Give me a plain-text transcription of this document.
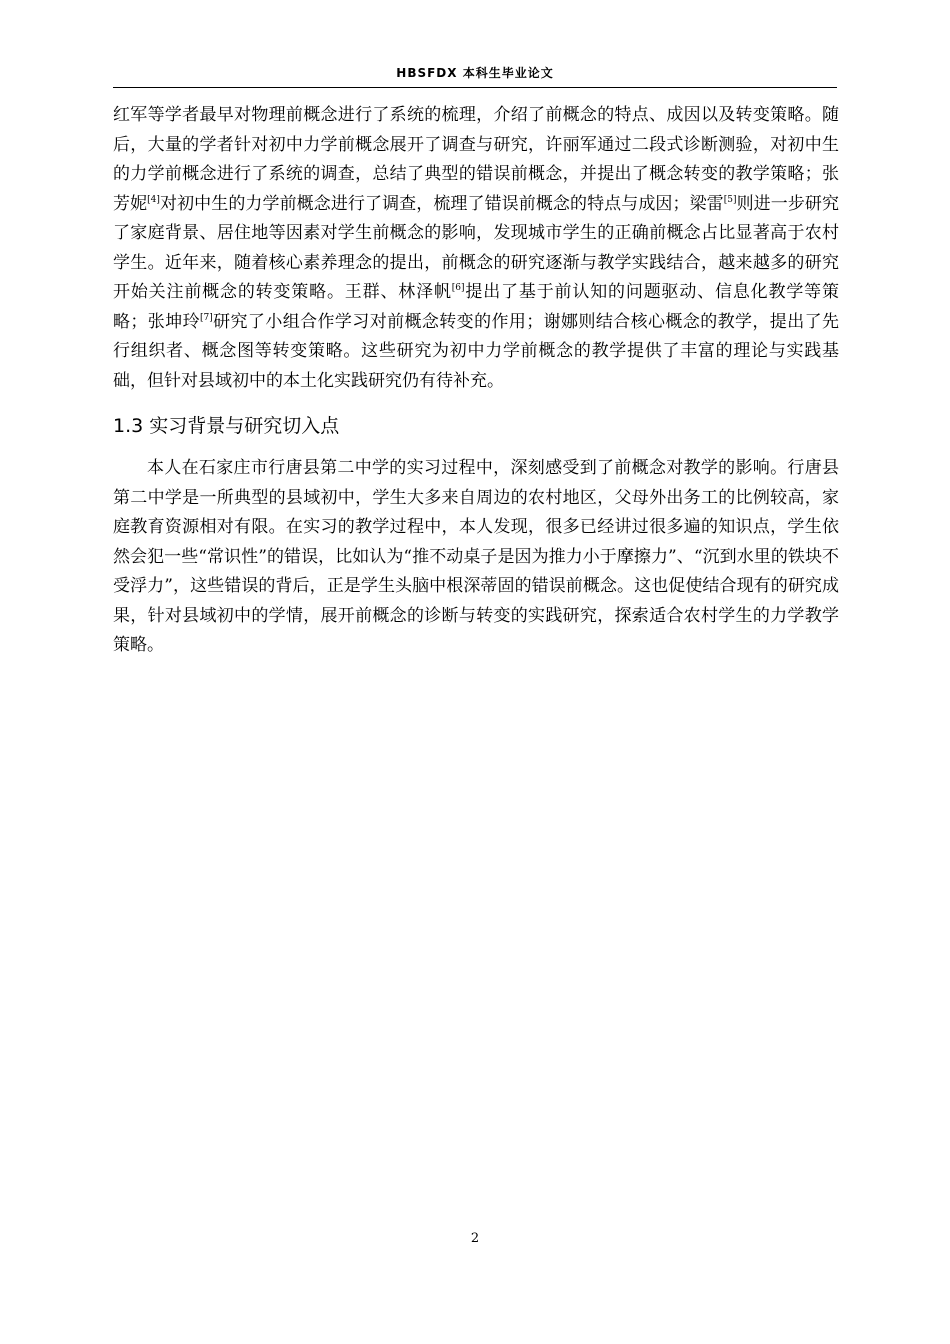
HBSFDX 本科生毕业论文

红军等学者最早对物理前概念进行了系统的梳理，介绍了前概念的特点、成因以及转变策略。随后，大量的学者针对初中力学前概念展开了调查与研究，许丽军通过二段式诊断测验，对初中生的力学前概念进行了系统的调查，总结了典型的错误前概念，并提出了概念转变的教学策略；张芳妮[4]对初中生的力学前概念进行了调查，梳理了错误前概念的特点与成因；梁雷[5]则进一步研究了家庭背景、居住地等因素对学生前概念的影响，发现城市学生的正确前概念占比显著高于农村学生。近年来，随着核心素养理念的提出，前概念的研究逐渐与教学实践结合，越来越多的研究开始关注前概念的转变策略。王群、林泽帆[6]提出了基于前认知的问题驱动、信息化教学等策略；张坤玲[7]研究了小组合作学习对前概念转变的作用；谢娜则结合核心概念的教学，提出了先行组织者、概念图等转变策略。这些研究为初中力学前概念的教学提供了丰富的理论与实践基础，但针对县域初中的本土化实践研究仍有待补充。

1.3 实习背景与研究切入点

本人在石家庄市行唐县第二中学的实习过程中，深刻感受到了前概念对教学的影响。行唐县第二中学是一所典型的县域初中，学生大多来自周边的农村地区，父母外出务工的比例较高，家庭教育资源相对有限。在实习的教学过程中，本人发现，很多已经讲过很多遍的知识点，学生依然会犯一些“常识性”的错误，比如认为“推不动桌子是因为推力小于摩擦力”、“沉到水里的铁块不受浮力”，这些错误的背后，正是学生头脑中根深蒂固的错误前概念。这也促使结合现有的研究成果，针对县域初中的学情，展开前概念的诊断与转变的实践研究，探索适合农村学生的力学教学策略。

2
